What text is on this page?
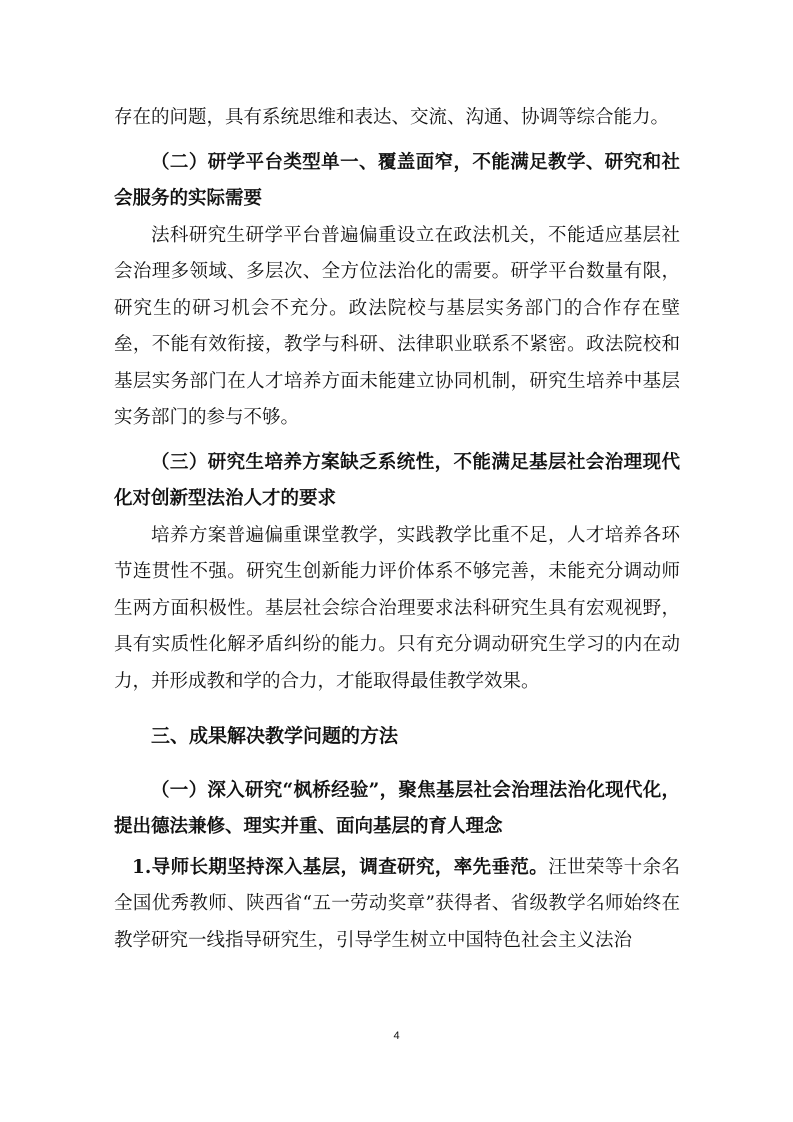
存在的问题，具有系统思维和表达、交流、沟通、协调等综合能力。

（二）研学平台类型单一、覆盖面窄，不能满足教学、研究和社会服务的实际需要

法科研究生研学平台普遍偏重设立在政法机关，不能适应基层社会治理多领域、多层次、全方位法治化的需要。研学平台数量有限，研究生的研习机会不充分。政法院校与基层实务部门的合作存在壁垒，不能有效衔接，教学与科研、法律职业联系不紧密。政法院校和基层实务部门在人才培养方面未能建立协同机制，研究生培养中基层实务部门的参与不够。

（三）研究生培养方案缺乏系统性，不能满足基层社会治理现代化对创新型法治人才的要求

培养方案普遍偏重课堂教学，实践教学比重不足，人才培养各环节连贯性不强。研究生创新能力评价体系不够完善，未能充分调动师生两方面积极性。基层社会综合治理要求法科研究生具有宏观视野，具有实质性化解矛盾纠纷的能力。只有充分调动研究生学习的内在动力，并形成教和学的合力，才能取得最佳教学效果。

三、成果解决教学问题的方法

（一）深入研究“枫桥经验”，聚焦基层社会治理法治化现代化，提出德法兼修、理实并重、面向基层的育人理念

1.导师长期坚持深入基层，调查研究，率先垂范。汪世荣等十余名全国优秀教师、陕西省“五一劳动奖章”获得者、省级教学名师始终在教学研究一线指导研究生，引导学生树立中国特色社会主义法治

4
